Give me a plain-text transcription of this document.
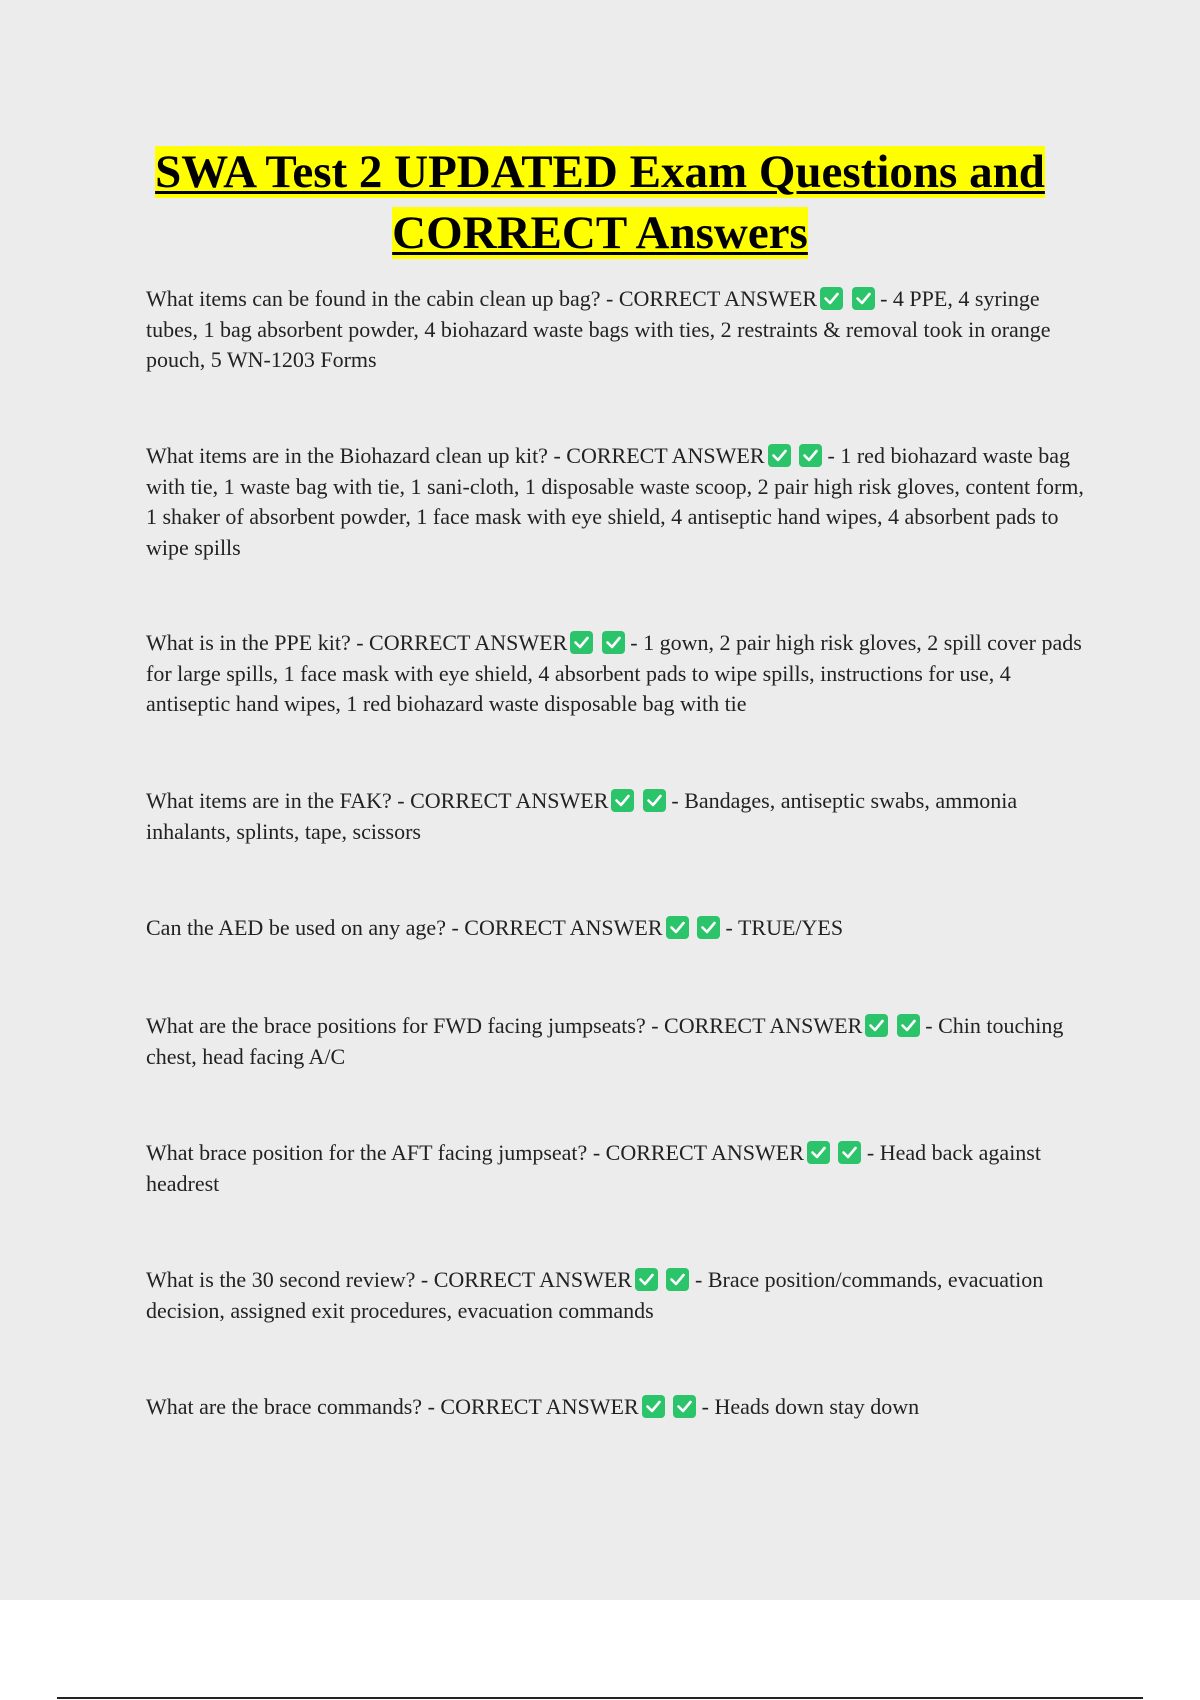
SWA Test 2 UPDATED Exam Questions and CORRECT Answers
What items can be found in the cabin clean up bag? - CORRECT ANSWER
	- 4 PPE, 4 syringe tubes, 1 bag absorbent powder, 4 biohazard waste bags with ties, 2 restraints & removal took in orange pouch, 5 WN-1203 Forms
What items are in the Biohazard clean up kit? - CORRECT ANSWER
	- 1 red biohazard waste bag with tie, 1 waste bag with tie, 1 sani-cloth, 1 disposable waste scoop, 2 pair high risk gloves, content form, 1 shaker of absorbent powder, 1 face mask with eye shield, 4 antiseptic hand wipes, 4 absorbent pads to wipe spills
What is in the PPE kit? - CORRECT ANSWER
	- 1 gown, 2 pair high risk gloves, 2 spill cover pads for large spills, 1 face mask with eye shield, 4 absorbent pads to wipe spills, instructions for use, 4 antiseptic hand wipes, 1 red biohazard waste disposable bag with tie
What items are in the FAK? - CORRECT ANSWER
	- Bandages, antiseptic swabs, ammonia inhalants, splints, tape, scissors
Can the AED be used on any age? - CORRECT ANSWER
	- TRUE/YES
What are the brace positions for FWD facing jumpseats? - CORRECT ANSWER
	- Chin touching chest, head facing A/C
What brace position for the AFT facing jumpseat? - CORRECT ANSWER
	- Head back against headrest
What is the 30 second review? - CORRECT ANSWER
	- Brace position/commands, evacuation decision, assigned exit procedures, evacuation commands
What are the brace commands? - CORRECT ANSWER
	- Heads down stay down
